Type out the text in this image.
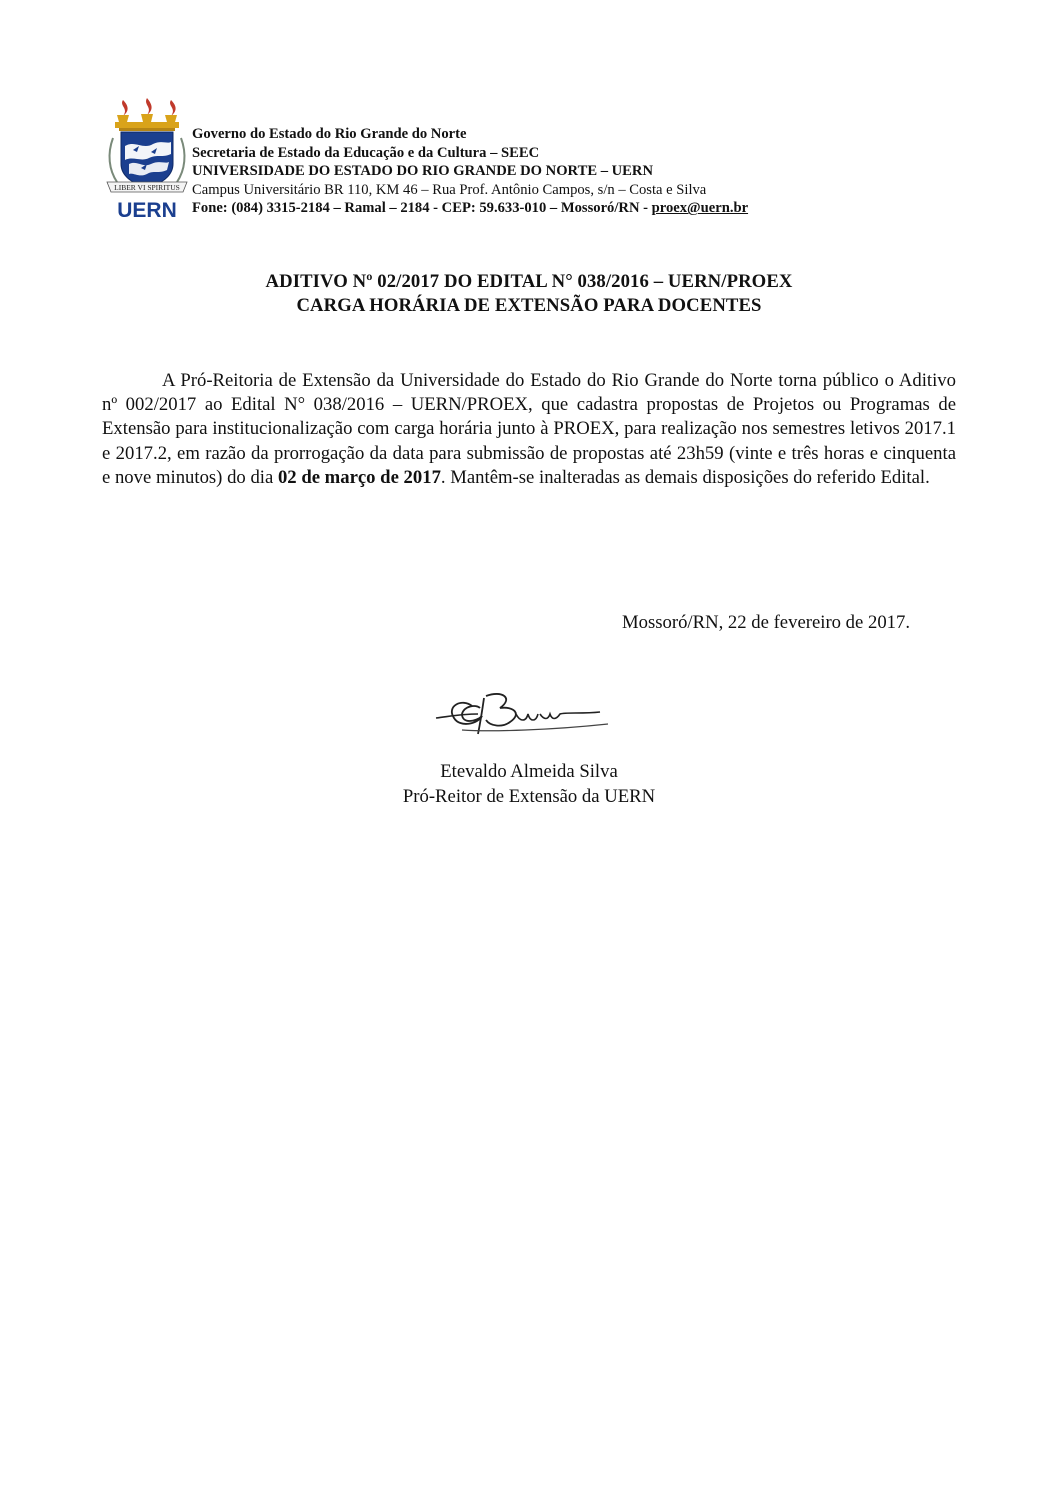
LIBER VI SPIRITUS
UERN
Governo do Estado do Rio Grande do Norte
Secretaria de Estado da Educação e da Cultura – SEEC
UNIVERSIDADE DO ESTADO DO RIO GRANDE DO NORTE – UERN
Campus Universitário BR 110, KM 46 – Rua Prof. Antônio Campos, s/n – Costa e Silva
Fone: (084) 3315-2184 – Ramal – 2184 - CEP: 59.633-010 – Mossoró/RN - proex@uern.br
ADITIVO Nº 02/2017 DO EDITAL N° 038/2016 – UERN/PROEX
CARGA HORÁRIA DE EXTENSÃO PARA DOCENTES
A Pró-Reitoria de Extensão da Universidade do Estado do Rio Grande do Norte torna público o Aditivo nº 002/2017 ao Edital N° 038/2016 – UERN/PROEX, que cadastra propostas de Projetos ou Programas de Extensão para institucionalização com carga horária junto à PROEX, para realização nos semestres letivos 2017.1 e 2017.2, em razão da prorrogação da data para submissão de propostas até 23h59 (vinte e três horas e cinquenta e nove minutos) do dia 02 de março de 2017. Mantêm-se inalteradas as demais disposições do referido Edital.
Mossoró/RN, 22 de fevereiro de 2017.
Etevaldo Almeida Silva
Pró-Reitor de Extensão da UERN
